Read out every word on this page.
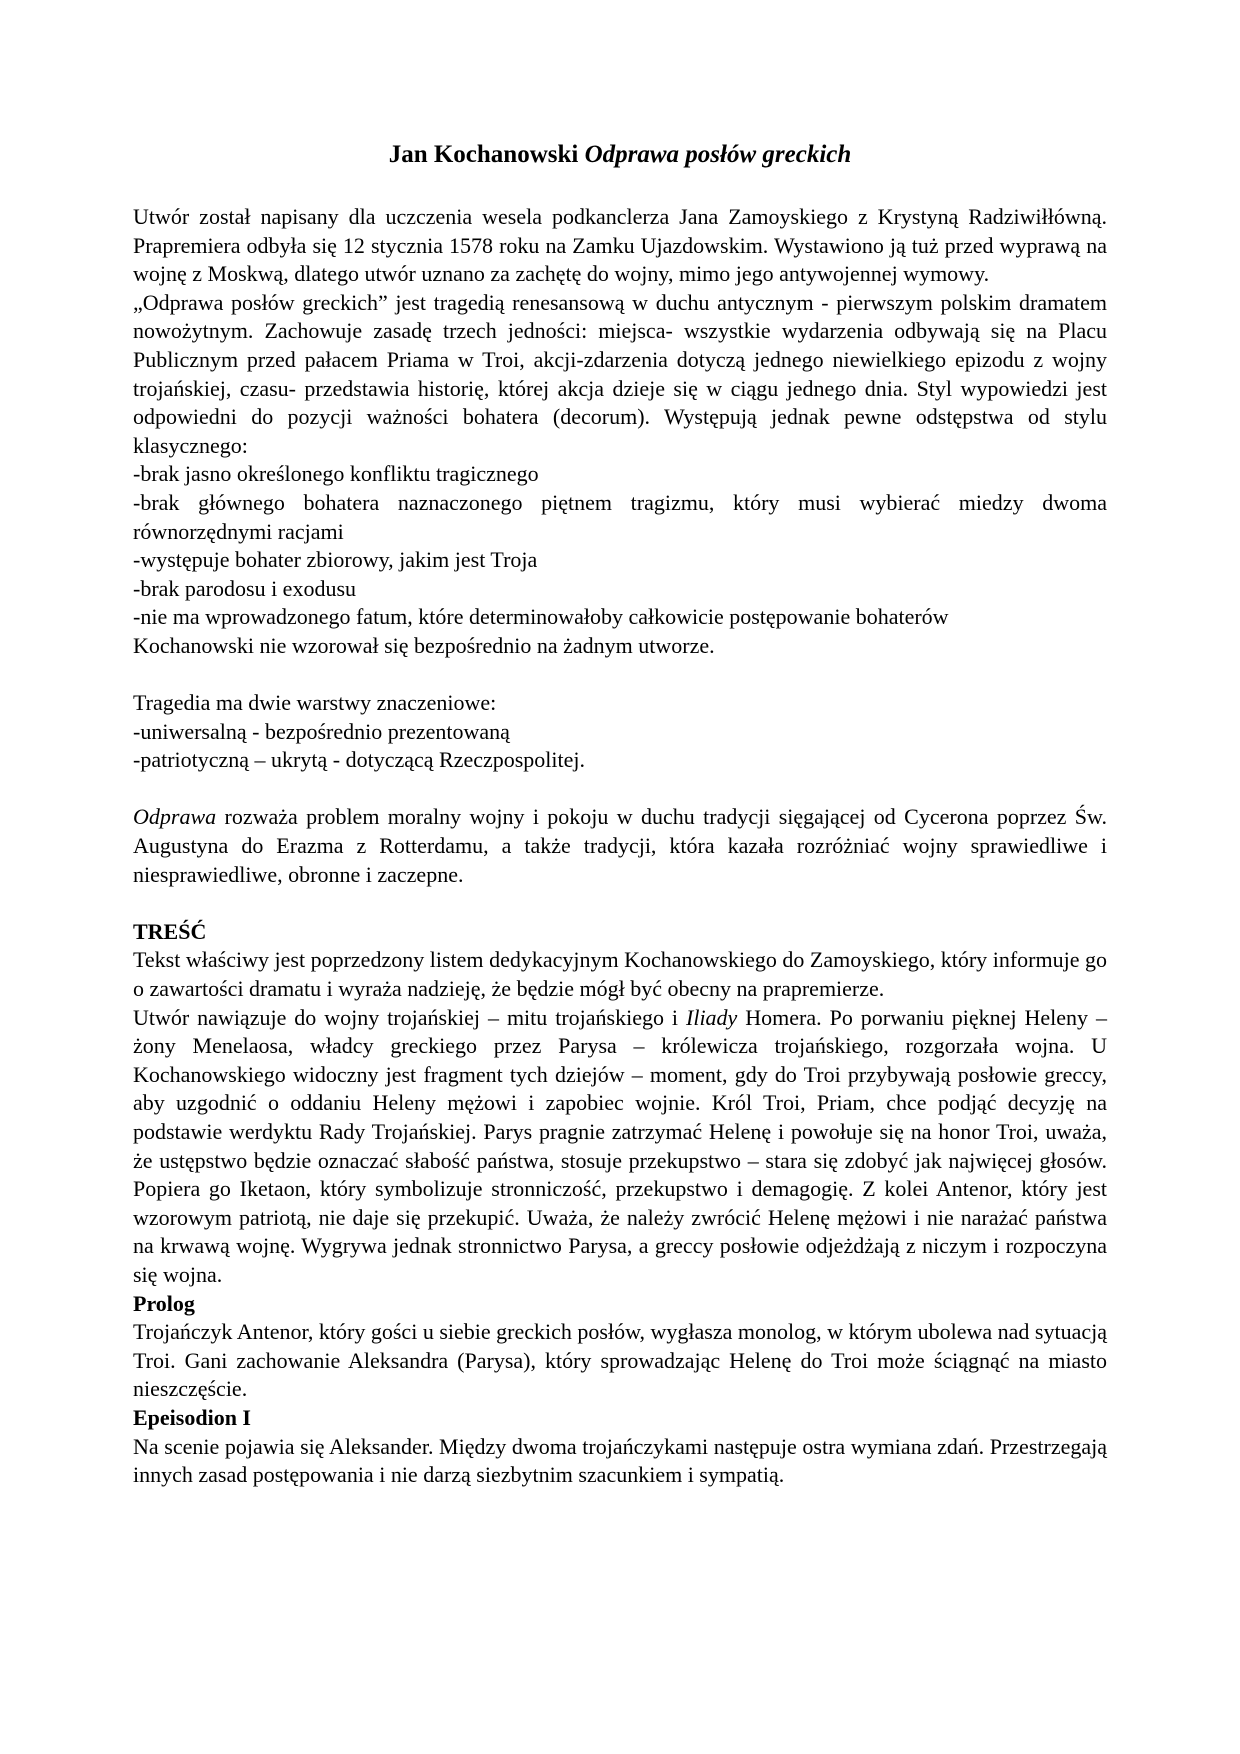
Jan Kochanowski Odprawa posłów greckich

Utwór został napisany dla uczczenia wesela podkanclerza Jana Zamoyskiego z Krystyną Radziwiłłówną. Prapremiera odbyła się 12 stycznia 1578 roku na Zamku Ujazdowskim. Wystawiono ją tuż przed wyprawą na wojnę z Moskwą, dlatego utwór uznano za zachętę do wojny, mimo jego antywojennej wymowy.

„Odprawa posłów greckich” jest tragedią renesansową w duchu antycznym - pierwszym polskim dramatem nowożytnym. Zachowuje zasadę trzech jedności: miejsca- wszystkie wydarzenia odbywają się na Placu Publicznym przed pałacem Priama w Troi, akcji-zdarzenia dotyczą jednego niewielkiego epizodu z wojny trojańskiej, czasu- przedstawia historię, której akcja dzieje się w ciągu jednego dnia. Styl wypowiedzi jest odpowiedni do pozycji ważności bohatera (decorum). Występują jednak pewne odstępstwa od stylu klasycznego:

-brak jasno określonego konfliktu tragicznego

-brak głównego bohatera naznaczonego piętnem tragizmu, który musi wybierać miedzy dwoma równorzędnymi racjami

-występuje bohater zbiorowy, jakim jest Troja

-brak parodosu i exodusu

-nie ma wprowadzonego fatum, które determinowałoby całkowicie postępowanie bohaterów

Kochanowski nie wzorował się bezpośrednio na żadnym utworze.

Tragedia ma dwie warstwy znaczeniowe:

-uniwersalną - bezpośrednio prezentowaną

-patriotyczną – ukrytą - dotyczącą Rzeczpospolitej.

Odprawa rozważa problem moralny wojny i pokoju w duchu tradycji sięgającej od Cycerona poprzez Św. Augustyna do Erazma z Rotterdamu, a także tradycji, która kazała rozróżniać wojny sprawiedliwe i niesprawiedliwe, obronne i zaczepne.

TREŚĆ

Tekst właściwy jest poprzedzony listem dedykacyjnym Kochanowskiego do Zamoyskiego, który informuje go o zawartości dramatu i wyraża nadzieję, że będzie mógł być obecny na prapremierze.

Utwór nawiązuje do wojny trojańskiej – mitu trojańskiego i Iliady Homera. Po porwaniu pięknej Heleny – żony Menelaosa, władcy greckiego przez Parysa – królewicza trojańskiego, rozgorzała wojna. U Kochanowskiego widoczny jest fragment tych dziejów – moment, gdy do Troi przybywają posłowie greccy, aby uzgodnić o oddaniu Heleny mężowi i zapobiec wojnie. Król Troi, Priam, chce podjąć decyzję na podstawie werdyktu Rady Trojańskiej. Parys pragnie zatrzymać Helenę i powołuje się na honor Troi, uważa, że ustępstwo będzie oznaczać słabość państwa, stosuje przekupstwo – stara się zdobyć jak najwięcej głosów. Popiera go Iketaon, który symbolizuje stronniczość, przekupstwo i demagogię. Z kolei Antenor, który jest wzorowym patriotą, nie daje się przekupić. Uważa, że należy zwrócić Helenę mężowi i nie narażać państwa na krwawą wojnę. Wygrywa jednak stronnictwo Parysa, a greccy posłowie odjeżdżają z niczym i rozpoczyna się wojna.

Prolog

Trojańczyk Antenor, który gości u siebie greckich posłów, wygłasza monolog, w którym ubolewa nad sytuacją Troi. Gani zachowanie Aleksandra (Parysa), który sprowadzając Helenę do Troi może ściągnąć na miasto nieszczęście.

Epeisodion I

Na scenie pojawia się Aleksander. Między dwoma trojańczykami następuje ostra wymiana zdań. Przestrzegają innych zasad postępowania i nie darzą siezbytnim szacunkiem i sympatią.
